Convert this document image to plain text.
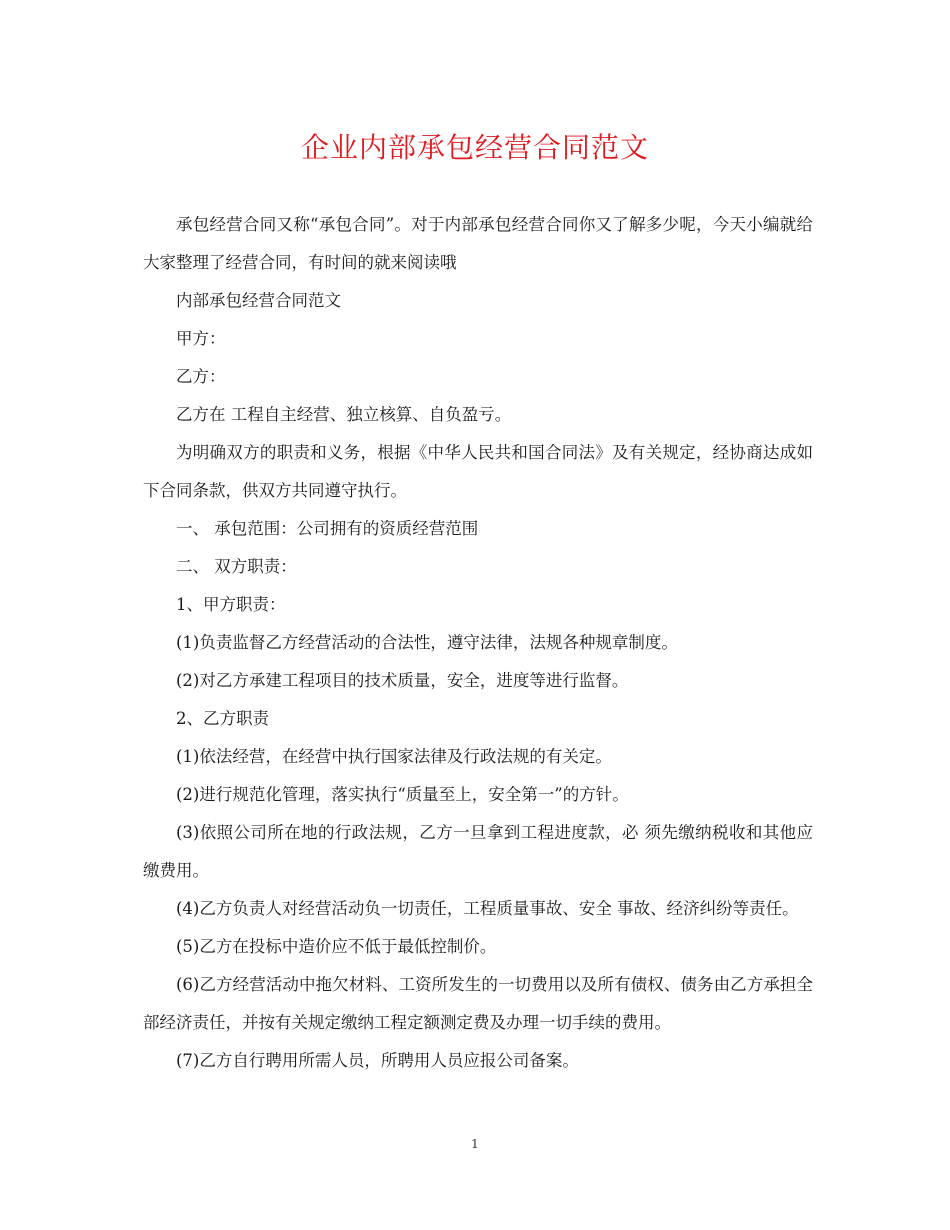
企业内部承包经营合同范文

承包经营合同又称“承包合同”。对于内部承包经营合同你又了解多少呢，今天小编就给大家整理了经营合同，有时间的就来阅读哦

内部承包经营合同范文

甲方：

乙方：

乙方在 工程自主经营、独立核算、自负盈亏。

为明确双方的职责和义务，根据《中华人民共和国合同法》及有关规定，经协商达成如下合同条款，供双方共同遵守执行。

一、 承包范围：公司拥有的资质经营范围

二、 双方职责：

1、甲方职责：

(1)负责监督乙方经营活动的合法性，遵守法律，法规各种规章制度。

(2)对乙方承建工程项目的技术质量，安全，进度等进行监督。

2、乙方职责

(1)依法经营，在经营中执行国家法律及行政法规的有关定。

(2)进行规范化管理，落实执行“质量至上，安全第一”的方针。

(3)依照公司所在地的行政法规，乙方一旦拿到工程进度款，必 须先缴纳税收和其他应缴费用。

(4)乙方负责人对经营活动负一切责任，工程质量事故、安全 事故、经济纠纷等责任。

(5)乙方在投标中造价应不低于最低控制价。

(6)乙方经营活动中拖欠材料、工资所发生的一切费用以及所有债权、债务由乙方承担全部经济责任，并按有关规定缴纳工程定额测定费及办理一切手续的费用。

(7)乙方自行聘用所需人员，所聘用人员应报公司备案。

1
